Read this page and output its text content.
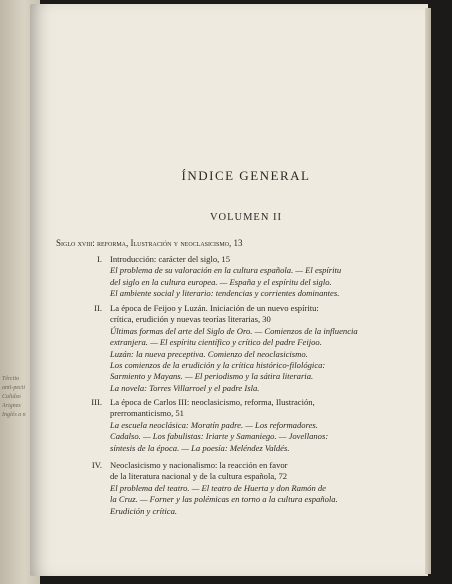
Tército
anti-pecti
Calidso
Arignes
Inglés a n
ÍNDICE GENERAL
VOLUMEN II
Siglo xviii: reforma, Ilustración y neoclasicismo, 13
I. Introducción: carácter del siglo, 15
El problema de su valoración en la cultura española. — El espíritu
del siglo en la cultura europea. — España y el espíritu del siglo.
El ambiente social y literario: tendencias y corrientes dominantes.
II. La época de Feijoo y Luzán. Iniciación de un nuevo espíritu:
crítica, erudición y nuevas teorías literarias, 30
Últimas formas del arte del Siglo de Oro. — Comienzos de la influencia
extranjera. — El espíritu científico y crítico del padre Feijoo.
Luzán: la nueva preceptiva. Comienzo del neoclasicismo.
Los comienzos de la erudición y la crítica histórico-filológica:
Sarmiento y Mayans. — El periodismo y la sátira literaria.
La novela: Torres Villarroel y el padre Isla.
III. La época de Carlos III: neoclasicismo, reforma, Ilustración,
prerromanticismo, 51
La escuela neoclásica: Moratín padre. — Los reformadores.
Cadalso. — Los fabulistas: Iriarte y Samaniego. — Jovellanos:
síntesis de la época. — La poesía: Meléndez Valdés.
IV. Neoclasicismo y nacionalismo: la reacción en favor
de la literatura nacional y de la cultura española, 72
El problema del teatro. — El teatro de Huerta y don Ramón de
la Cruz. — Forner y las polémicas en torno a la cultura española.
Erudición y crítica.
